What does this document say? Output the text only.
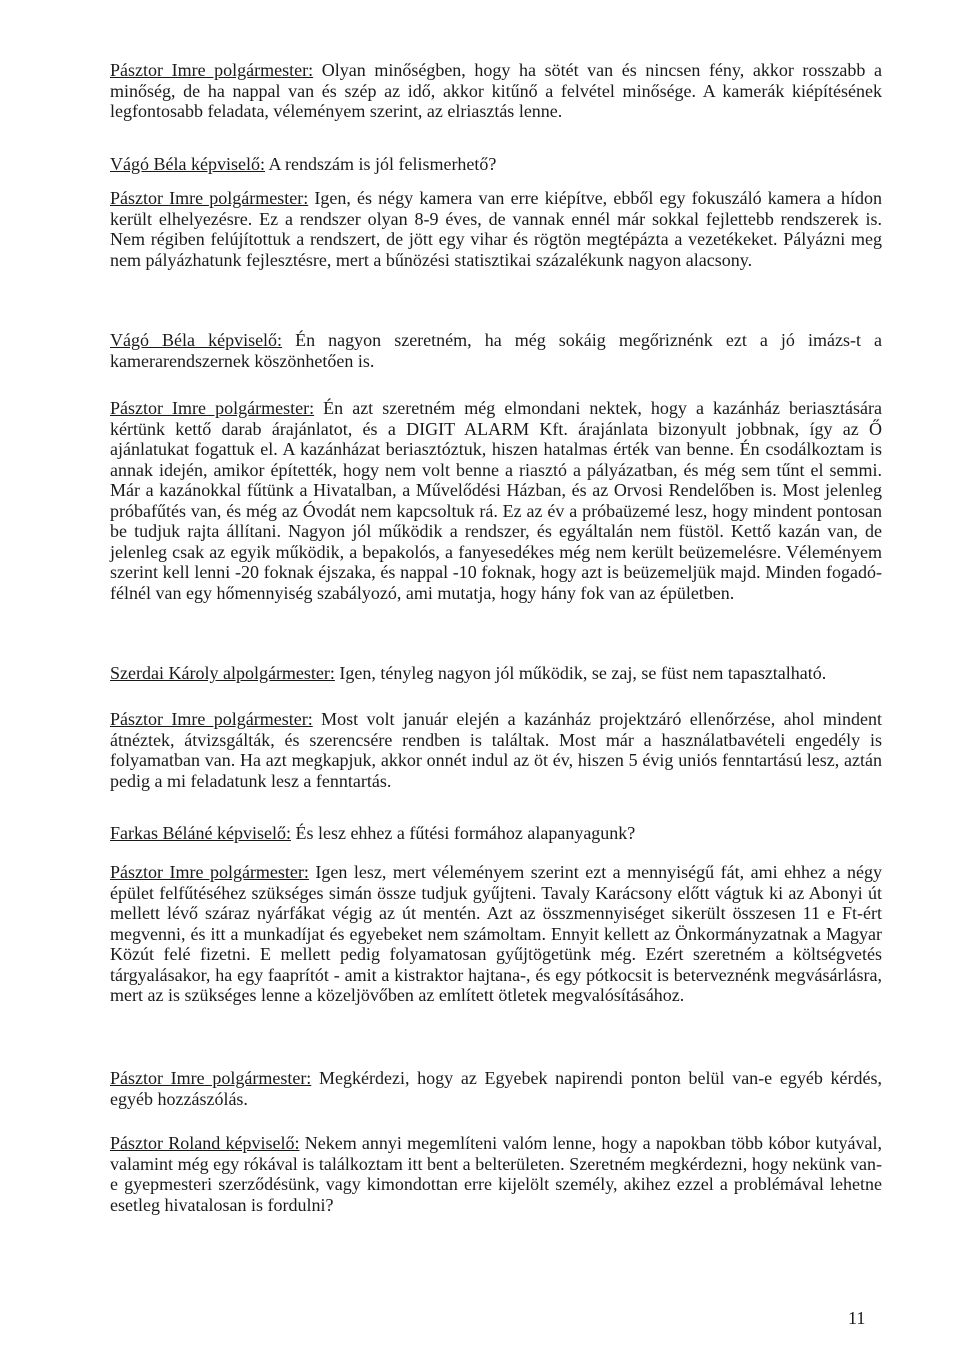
Pásztor Imre polgármester: Olyan minőségben, hogy ha sötét van és nincsen fény, akkor rosszabb a minőség, de ha nappal van és szép az idő, akkor kitűnő a felvétel minősége. A kamerák kiépítésének legfontosabb feladata, véleményem szerint, az elriasztás lenne.

Vágó Béla képviselő: A rendszám is jól felismerhető?

Pásztor Imre polgármester: Igen, és négy kamera van erre kiépítve, ebből egy fokuszáló kamera a hídon került elhelyezésre. Ez a rendszer olyan 8-9 éves, de vannak ennél már sokkal fejlettebb rendszerek is. Nem régiben felújítottuk a rendszert, de jött egy vihar és rögtön megtépázta a vezetékeket. Pályázni meg nem pályázhatunk fejlesztésre, mert a bűnözési statisztikai százalékunk nagyon alacsony.

Vágó Béla képviselő: Én nagyon szeretném, ha még sokáig megőriznénk ezt a jó imázs-t a kamerarendszernek köszönhetően is.

Pásztor Imre polgármester: Én azt szeretném még elmondani nektek, hogy a kazánház beriasztására kértünk kettő darab árajánlatot, és a DIGIT ALARM Kft. árajánlata bizonyult jobbnak, így az Ő ajánlatukat fogattuk el. A kazánházat beriasztóztuk, hiszen hatalmas érték van benne. Én csodálkoztam is annak idején, amikor építették, hogy nem volt benne a riasztó a pályázatban, és még sem tűnt el semmi. Már a kazánokkal fűtünk a Hivatalban, a Művelődési Házban, és az Orvosi Rendelőben is. Most jelenleg próbafűtés van, és még az Óvodát nem kapcsoltuk rá. Ez az év a próbaüzemé lesz, hogy mindent pontosan be tudjuk rajta állítani. Nagyon jól működik a rendszer, és egyáltalán nem füstöl. Kettő kazán van, de jelenleg csak az egyik működik, a bepakolós, a fanyesedékes még nem került beüzemelésre. Véleményem szerint kell lenni -20 foknak éjszaka, és nappal -10 foknak, hogy azt is beüzemeljük majd. Minden fogadó-félnél van egy hőmennyiség szabályozó, ami mutatja, hogy hány fok van az épületben.

Szerdai Károly alpolgármester: Igen, tényleg nagyon jól működik, se zaj, se füst nem tapasztalható.

Pásztor Imre polgármester: Most volt január elején a kazánház projektzáró ellenőrzése, ahol mindent átnéztek, átvizsgálták, és szerencsére rendben is találtak. Most már a használatbavételi engedély is folyamatban van. Ha azt megkapjuk, akkor onnét indul az öt év, hiszen 5 évig uniós fenntartású lesz, aztán pedig a mi feladatunk lesz a fenntartás.

Farkas Béláné képviselő: És lesz ehhez a fűtési formához alapanyagunk?

Pásztor Imre polgármester: Igen lesz, mert véleményem szerint ezt a mennyiségű fát, ami ehhez a négy épület felfűtéséhez szükséges simán össze tudjuk gyűjteni. Tavaly Karácsony előtt vágtuk ki az Abonyi út mellett lévő száraz nyárfákat végig az út mentén. Azt az összmennyiséget sikerült összesen 11 e Ft-ért megvenni, és itt a munkadíjat és egyebeket nem számoltam. Ennyit kellett az Önkormányzatnak a Magyar Közút felé fizetni. E mellett pedig folyamatosan gyűjtögetünk még. Ezért szeretném a költségvetés tárgyalásakor, ha egy faaprítót - amit a kistraktor hajtana-, és egy pótkocsit is beterveznénk megvásárlásra, mert az is szükséges lenne a közeljövőben az említett ötletek megvalósításához.

Pásztor Imre polgármester: Megkérdezi, hogy az Egyebek napirendi ponton belül van-e egyéb kérdés, egyéb hozzászólás.

Pásztor Roland képviselő: Nekem annyi megemlíteni valóm lenne, hogy a napokban több kóbor kutyával, valamint még egy rókával is találkoztam itt bent a belterületen. Szeretném megkérdezni, hogy nekünk van-e gyepmesteri szerződésünk, vagy kimondottan erre kijelölt személy, akihez ezzel a problémával lehetne esetleg hivatalosan is fordulni?

11
